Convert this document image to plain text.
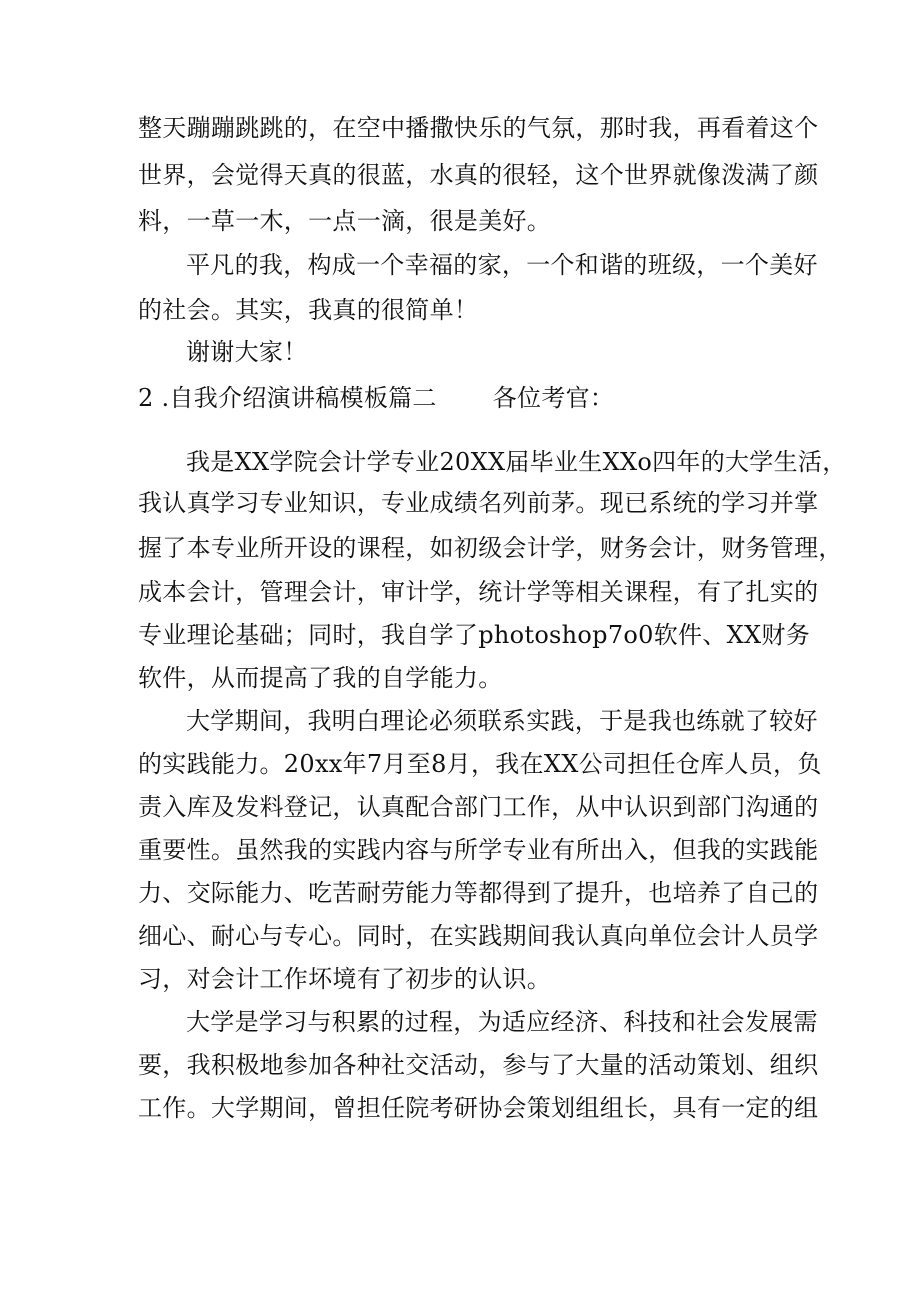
整天蹦蹦跳跳的，在空中播撒快乐的气氛，那时我，再看着这个
世界，会觉得天真的很蓝，水真的很轻，这个世界就像泼满了颜
料，一草一木，一点一滴，很是美好。
平凡的我，构成一个幸福的家，一个和谐的班级，一个美好
的社会。其实，我真的很简单！
谢谢大家！
2 .自我介绍演讲稿模板篇二 各位考官：
我是XX学院会计学专业20XX届毕业生XXo四年的大学生活，
我认真学习专业知识，专业成绩名列前茅。现已系统的学习并掌
握了本专业所开设的课程，如初级会计学，财务会计，财务管理，
成本会计，管理会计，审计学，统计学等相关课程，有了扎实的
专业理论基础；同时，我自学了photoshop7o0软件、XX财务
软件，从而提高了我的自学能力。
大学期间，我明白理论必须联系实践，于是我也练就了较好
的实践能力。20xx年7月至8月，我在XX公司担任仓库人员，负
责入库及发料登记，认真配合部门工作，从中认识到部门沟通的
重要性。虽然我的实践内容与所学专业有所出入，但我的实践能
力、交际能力、吃苦耐劳能力等都得到了提升，也培养了自己的
细心、耐心与专心。同时，在实践期间我认真向单位会计人员学
习，对会计工作坏境有了初步的认识。
大学是学习与积累的过程，为适应经济、科技和社会发展需
要，我积极地参加各种社交活动，参与了大量的活动策划、组织
工作。大学期间，曾担任院考研协会策划组组长，具有一定的组
